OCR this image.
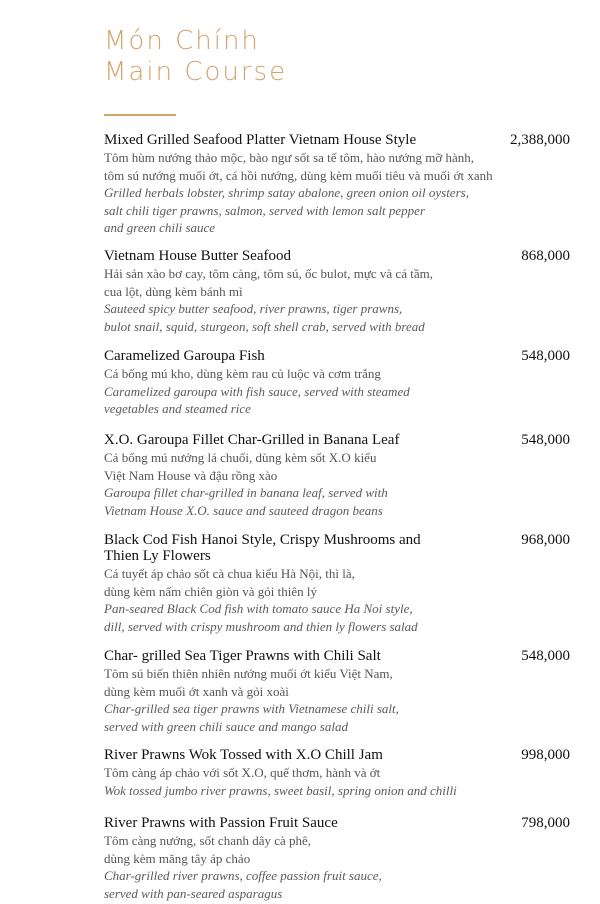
Món Chính
Main Course
Mixed Grilled Seafood Platter Vietnam House Style	2,388,000
Tôm hùm nướng thảo mộc, bào ngư sốt sa tế tôm, hào nướng mỡ hành,
tôm sú nướng muối ớt, cá hồi nướng, dùng kèm muối tiêu và muối ớt xanh
Grilled herbals lobster, shrimp satay abalone, green onion oil oysters,
salt chili tiger prawns, salmon, served with lemon salt pepper
and green chili sauce
Vietnam House Butter Seafood	868,000
Hải sản xào bơ cay, tôm càng, tôm sú, ốc bulot, mực và cá tầm,
cua lột, dùng kèm bánh mì
Sauteed spicy butter seafood, river prawns, tiger prawns,
bulot snail, squid, sturgeon, soft shell crab, served with bread
Caramelized Garoupa Fish	548,000
Cá bống mú kho, dùng kèm rau củ luộc và cơm trắng
Caramelized garoupa with fish sauce, served with steamed
vegetables and steamed rice
X.O. Garoupa Fillet Char-Grilled in Banana Leaf	548,000
Cá bống mú nướng lá chuối, dùng kèm sốt X.O kiểu
Việt Nam House và đậu rồng xào
Garoupa fillet char-grilled in banana leaf, served with
Vietnam House X.O. sauce and sauteed dragon beans
Black Cod Fish Hanoi Style, Crispy Mushrooms and Thien Ly Flowers
968,000
Cá tuyết áp chảo sốt cà chua kiểu Hà Nội, thì là,
dùng kèm nấm chiên giòn và gỏi thiên lý
Pan-seared Black Cod fish with tomato sauce Ha Noi style,
dill, served with crispy mushroom and thien ly flowers salad
Char- grilled Sea Tiger Prawns with Chili Salt	548,000
Tôm sú biển thiên nhiên nướng muối ớt kiểu Việt Nam,
dùng kèm muối ớt xanh và gỏi xoài
Char-grilled sea tiger prawns with Vietnamese chili salt,
served with green chili sauce and mango salad
River Prawns Wok Tossed with X.O Chill Jam	998,000
Tôm càng áp chảo với sốt X.O, quế thơm, hành và ớt
Wok tossed jumbo river prawns, sweet basil, spring onion and chilli
River Prawns with Passion Fruit Sauce	798,000
Tôm càng nướng, sốt chanh dây cà phê,
dùng kèm măng tây áp chảo
Char-grilled river prawns, coffee passion fruit sauce,
served with pan-seared asparagus
